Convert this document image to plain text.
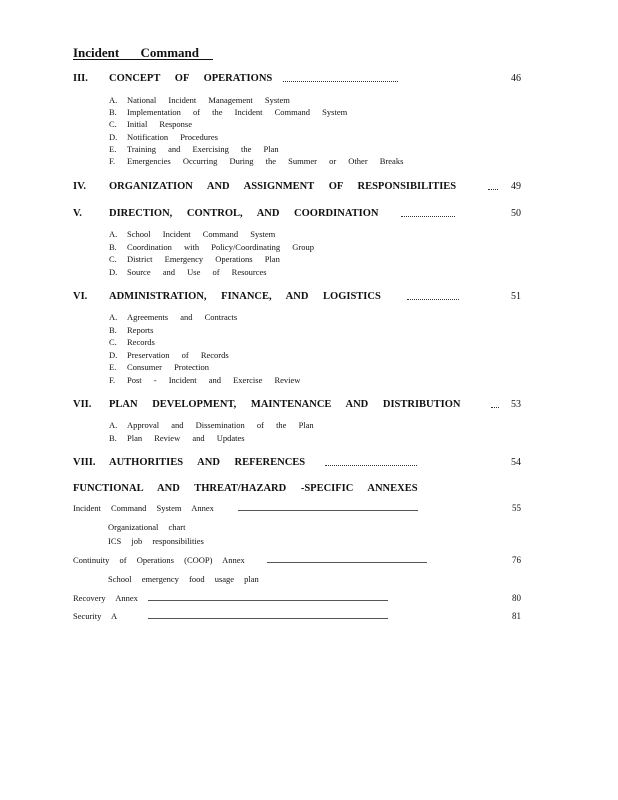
Incident Command
III. CONCEPT OF OPERATIONS	46
A. National Incident Management System
B. Implementation of the Incident Command System
C. Initial Response
D. Notification Procedures
E. Training and Exercising the Plan
F. Emergencies Occurring During the Summer or Other Breaks
IV. ORGANIZATION AND ASSIGNMENT OF RESPONSIBILITIES	49
V.	DIRECTION, CONTROL, AND COORDINATION	50
A. School Incident Command System
B. Coordination with Policy/Coordinating Group
C. District Emergency Operations Plan
D. Source and Use of Resources
VI. ADMINISTRATION, FINANCE, AND LOGISTICS	51
A. Agreements and Contracts
B. Reports
C. Records
D. Preservation of Records
E. Consumer Protection
F. Post - Incident and Exercise Review
VII. PLAN DEVELOPMENT, MAINTENANCE AND DISTRIBUTION	53
A. Approval and Dissemination of the Plan
B. Plan Review and Updates
VIII. AUTHORITIES AND REFERENCES	54
FUNCTIONAL AND THREAT/HAZARD -SPECIFIC ANNEXES
Incident Command System Annex	55
Organizational chart
ICS job responsibilities
Continuity of Operations (COOP) Annex	76
School emergency food usage plan
Recovery Annex	80
Security A	81
